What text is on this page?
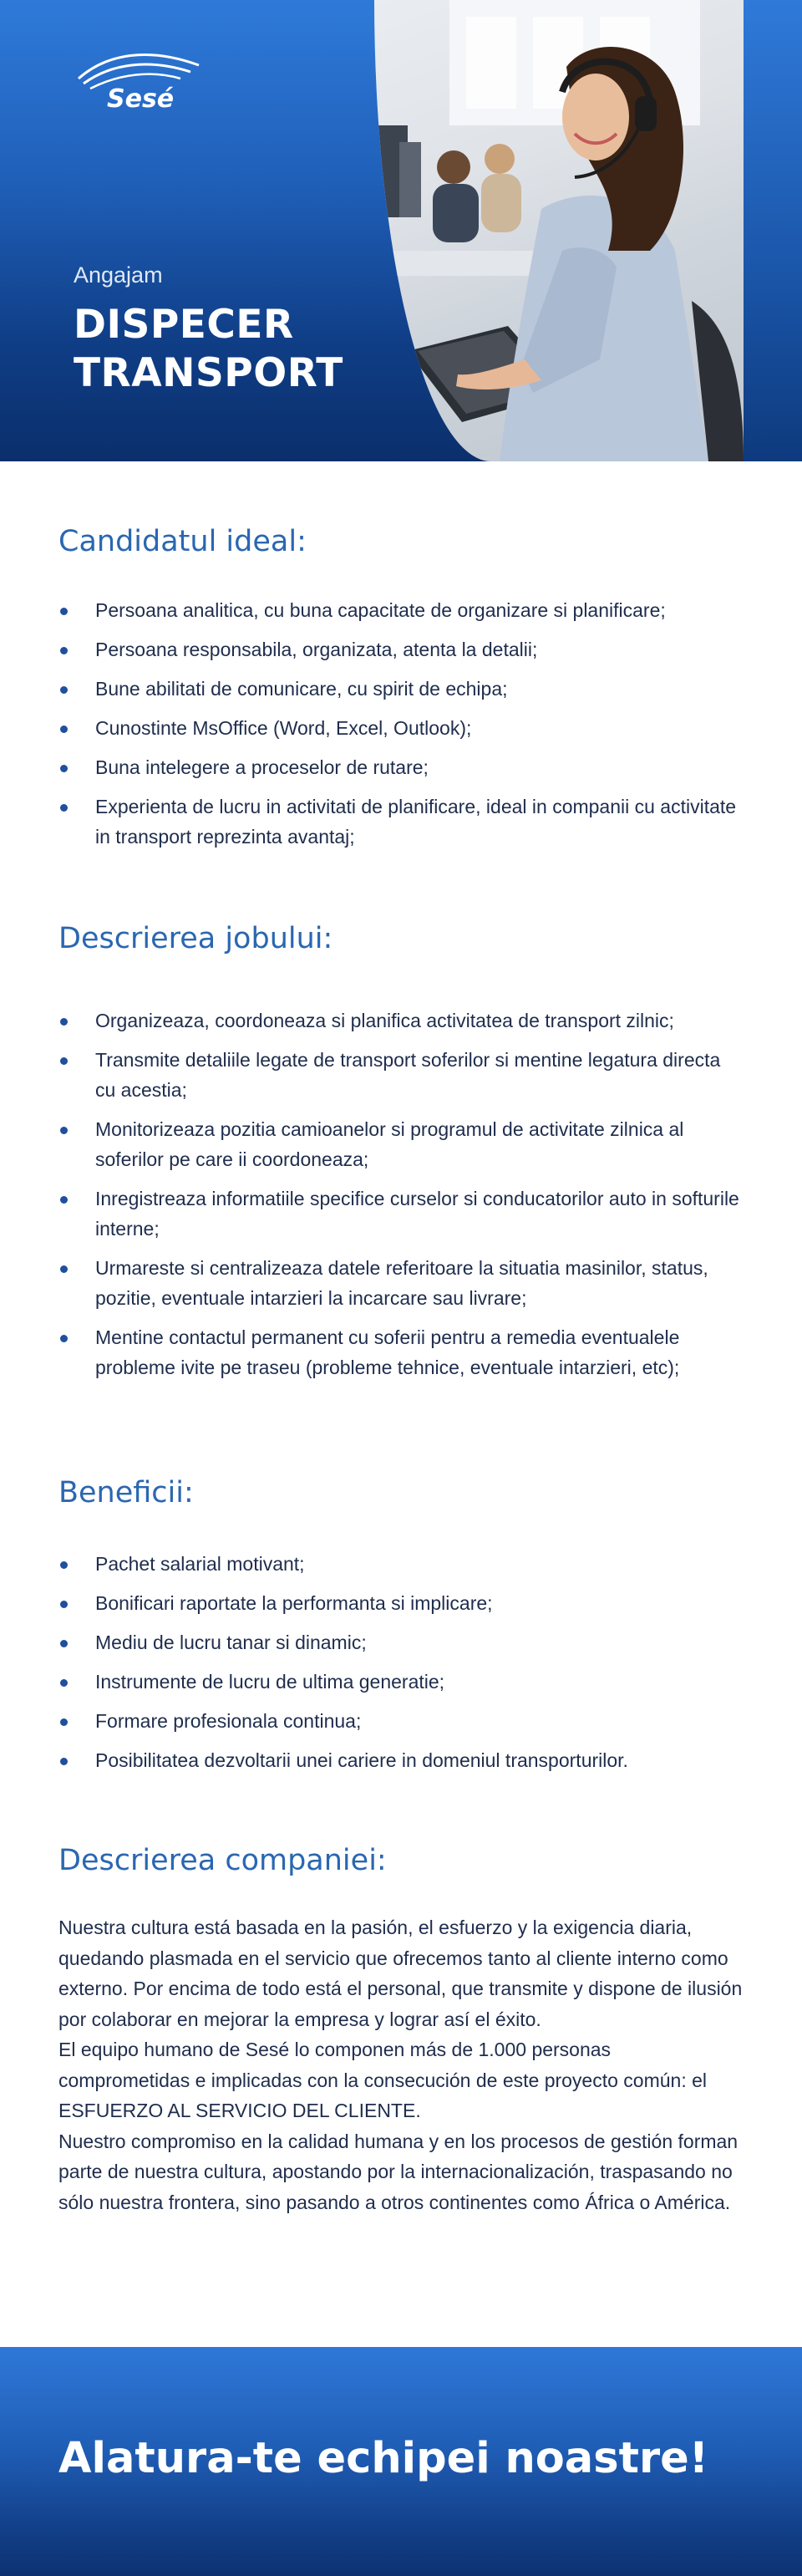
Sesé
Angajam
DISPECER
TRANSPORT
Candidatul ideal:
Persoana analitica, cu buna capacitate de organizare si planificare;
Persoana responsabila, organizata, atenta la detalii;
Bune abilitati de comunicare, cu spirit de echipa;
Cunostinte MsOffice (Word, Excel, Outlook);
Buna intelegere a proceselor de rutare;
Experienta de lucru in activitati de planificare, ideal in companii cu activitate in transport reprezinta avantaj;
Descrierea jobului:
Organizeaza, coordoneaza si planifica activitatea de transport zilnic;
Transmite detaliile legate de transport soferilor si mentine legatura directa cu acestia;
Monitorizeaza pozitia camioanelor si programul de activitate zilnica al soferilor pe care ii coordoneaza;
Inregistreaza informatiile specifice curselor si conducatorilor auto in softurile interne;
Urmareste si centralizeaza datele referitoare la situatia masinilor, status, pozitie, eventuale intarzieri la incarcare sau livrare;
Mentine contactul permanent cu soferii pentru a remedia eventualele probleme ivite pe traseu (probleme tehnice, eventuale intarzieri, etc);
Beneficii:
Pachet salarial motivant;
Bonificari raportate la performanta si implicare;
Mediu de lucru tanar si dinamic;
Instrumente de lucru de ultima generatie;
Formare profesionala continua;
Posibilitatea dezvoltarii unei cariere in domeniul transporturilor.
Descrierea companiei:

Nuestra cultura está basada en la pasión, el esfuerzo y la exigencia diaria, quedando plasmada en el servicio que ofrecemos tanto al cliente interno como externo. Por encima de todo está el personal, que transmite y dispone de ilusión por colaborar en mejorar la empresa y lograr así el éxito.

El equipo humano de Sesé lo componen más de 1.000 personas comprometidas e implicadas con la consecución de este proyecto común: el ESFUERZO AL SERVICIO DEL CLIENTE.

Nuestro compromiso en la calidad humana y en los procesos de gestión forman parte de nuestra cultura, apostando por la internacionalización, traspasando no sólo nuestra frontera, sino pasando a otros continentes como África o América.

Alatura-te echipei noastre!
